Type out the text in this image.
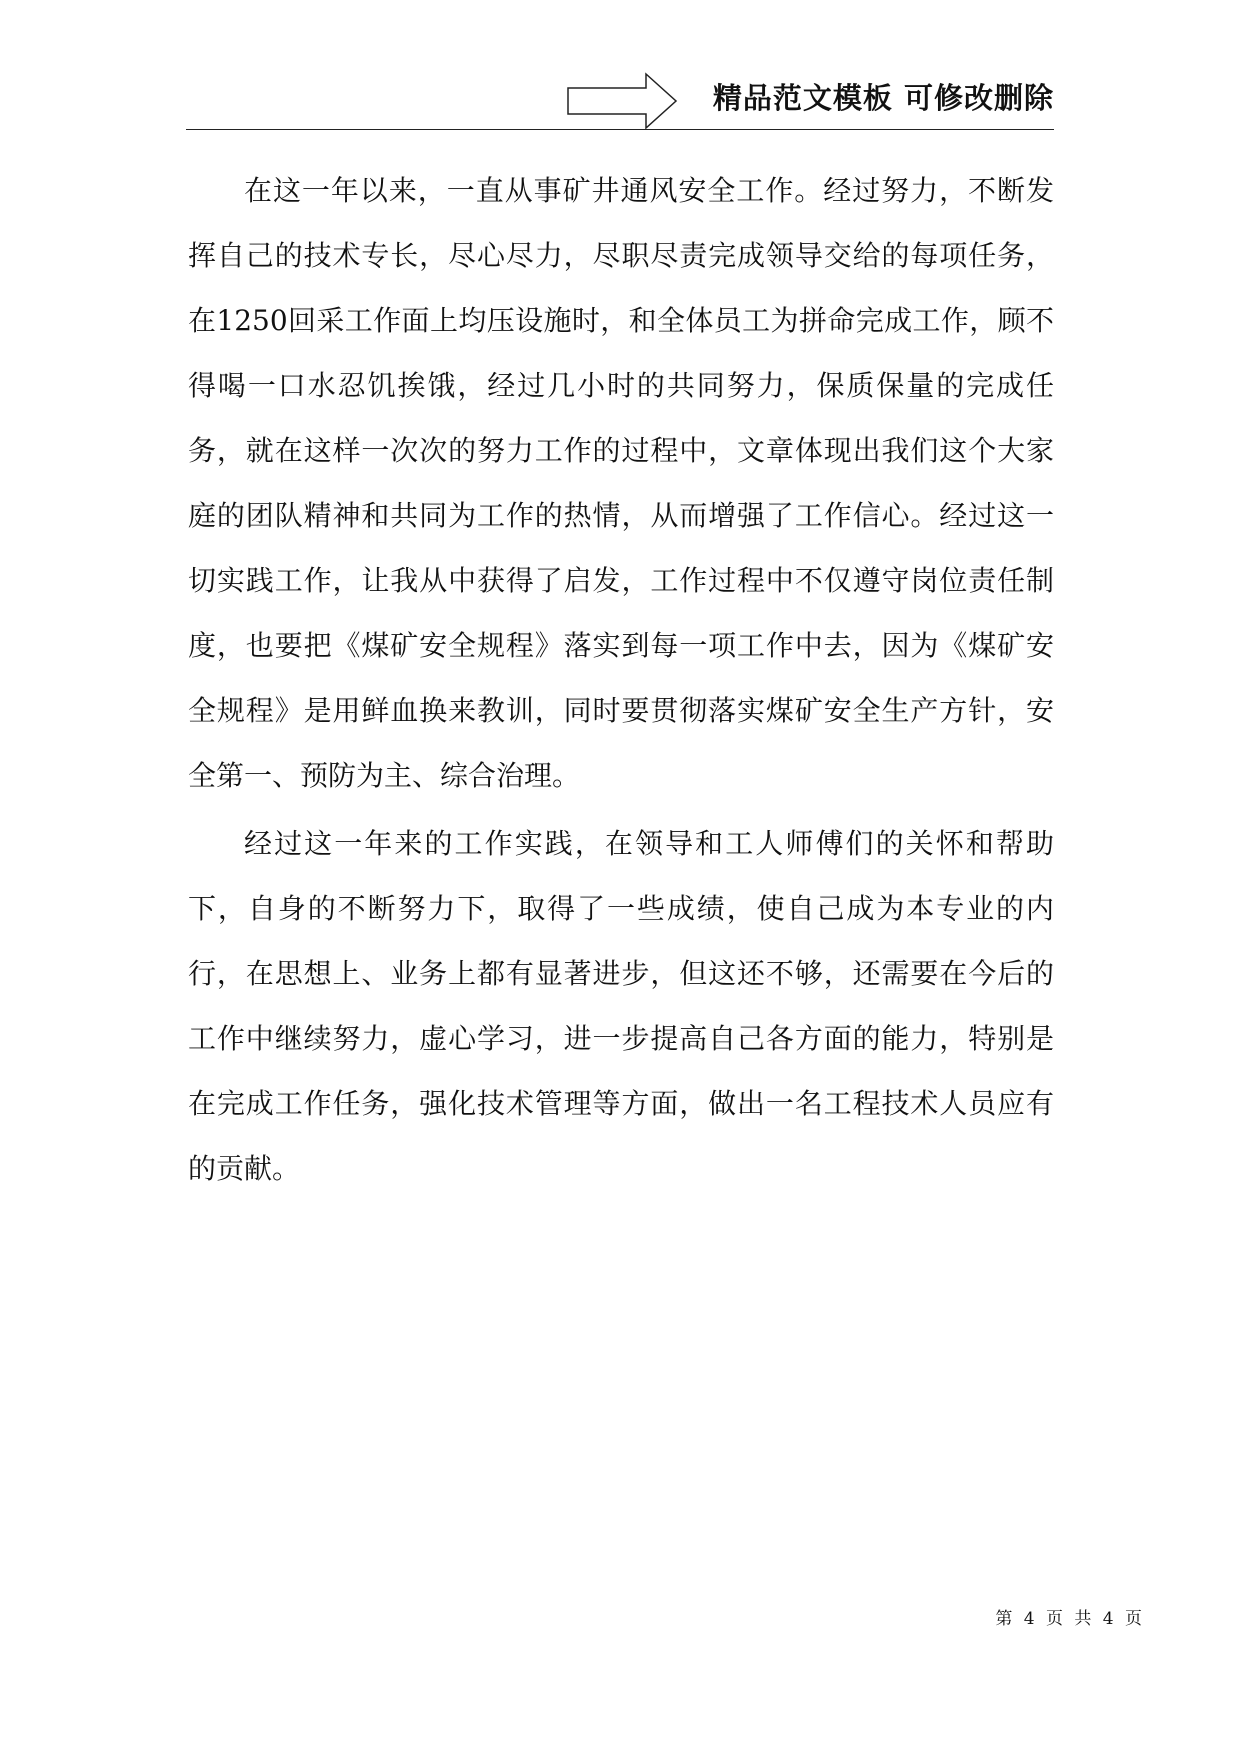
精品范文模板 可修改删除

在这一年以来，一直从事矿井通风安全工作。经过努力，不断发挥自己的技术专长，尽心尽力，尽职尽责完成领导交给的每项任务，在1250回采工作面上均压设施时，和全体员工为拼命完成工作，顾不得喝一口水忍饥挨饿，经过几小时的共同努力，保质保量的完成任务，就在这样一次次的努力工作的过程中，文章体现出我们这个大家庭的团队精神和共同为工作的热情，从而增强了工作信心。经过这一切实践工作，让我从中获得了启发，工作过程中不仅遵守岗位责任制度，也要把《煤矿安全规程》落实到每一项工作中去，因为《煤矿安全规程》是用鲜血换来教训，同时要贯彻落实煤矿安全生产方针，安全第一、预防为主、综合治理。

经过这一年来的工作实践，在领导和工人师傅们的关怀和帮助下，自身的不断努力下，取得了一些成绩，使自己成为本专业的内行，在思想上、业务上都有显著进步，但这还不够，还需要在今后的工作中继续努力，虚心学习，进一步提高自己各方面的能力，特别是在完成工作任务，强化技术管理等方面，做出一名工程技术人员应有的贡献。

第 4 页 共 4 页
